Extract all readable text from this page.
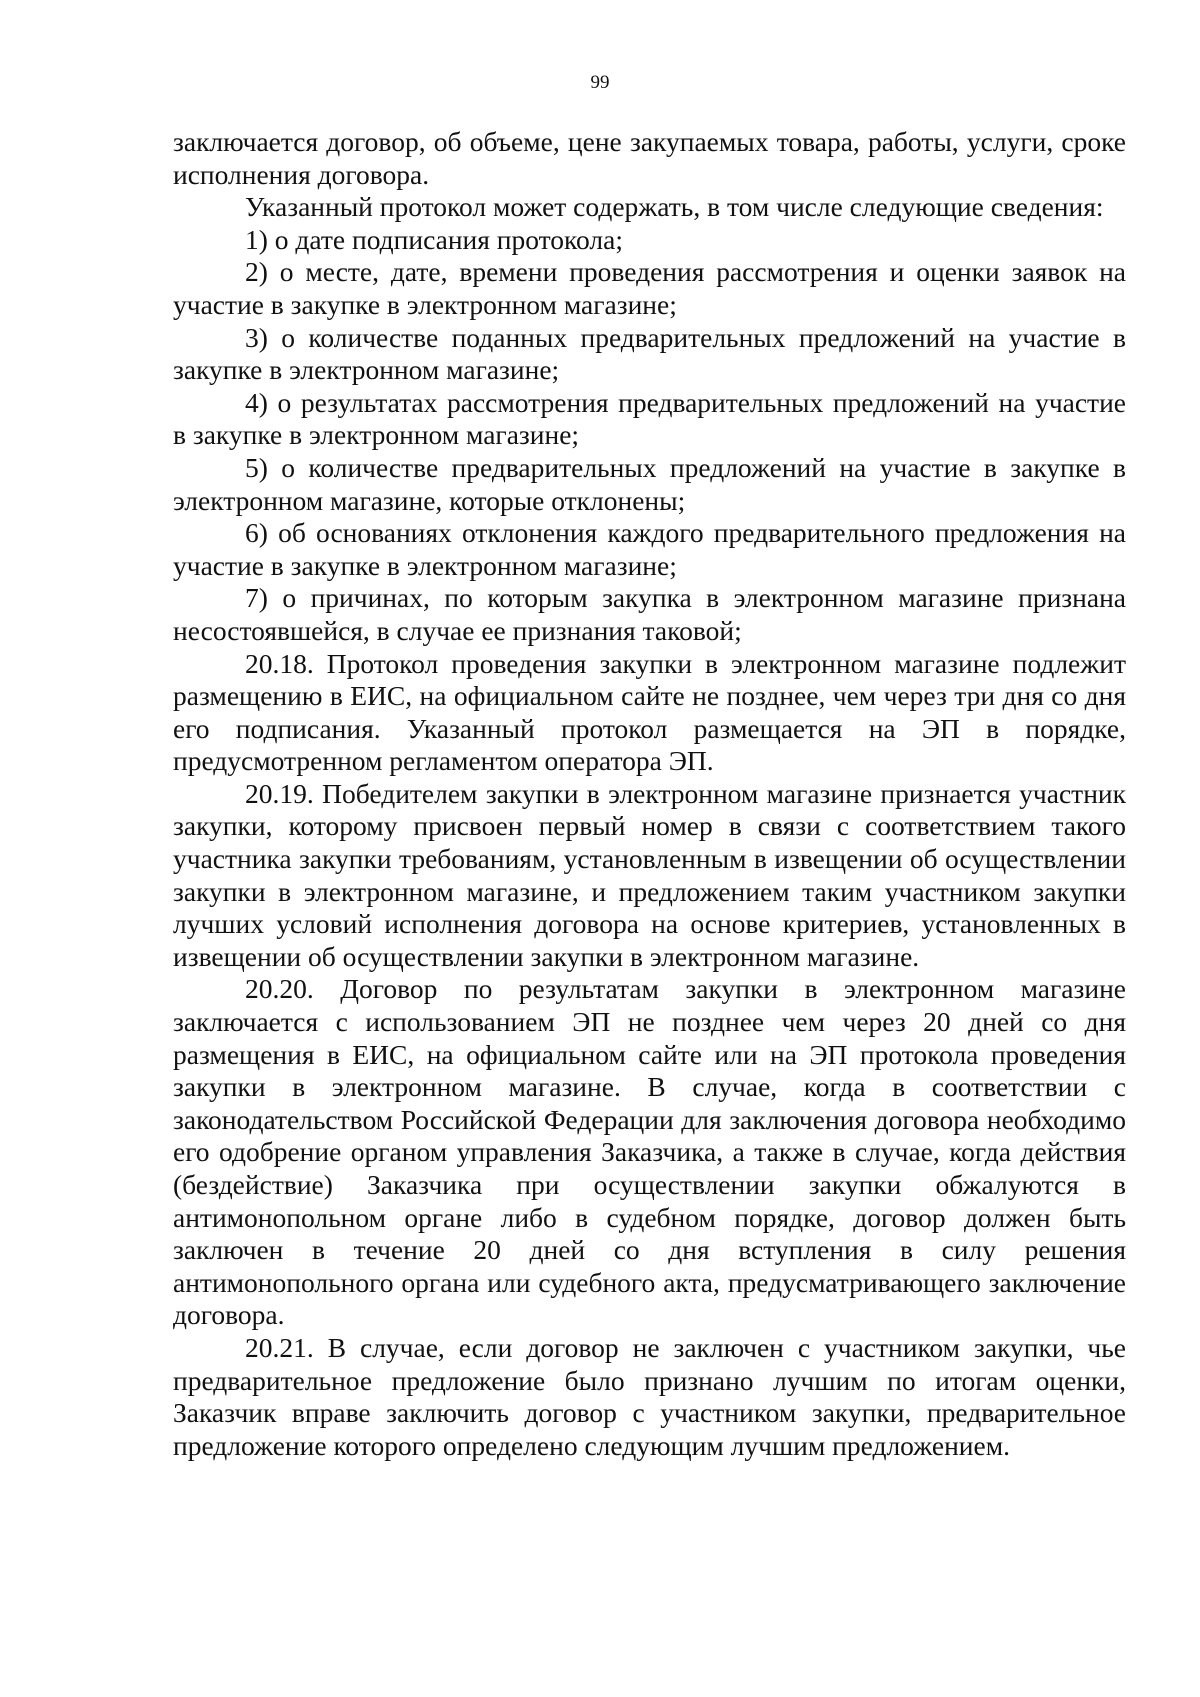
99

заключается договор, об объеме, цене закупаемых товара, работы, услуги, сроке исполнения договора.

Указанный протокол может содержать, в том числе следующие сведения:

1) о дате подписания протокола;

2) о месте, дате, времени проведения рассмотрения и оценки заявок на участие в закупке в электронном магазине;

3) о количестве поданных предварительных предложений на участие в закупке в электронном магазине;

4) о результатах рассмотрения предварительных предложений на участие в закупке в электронном магазине;

5) о количестве предварительных предложений на участие в закупке в электронном магазине, которые отклонены;

6) об основаниях отклонения каждого предварительного предложения на участие в закупке в электронном магазине;

7) о причинах, по которым закупка в электронном магазине признана несостоявшейся, в случае ее признания таковой;

20.18. Протокол проведения закупки в электронном магазине подлежит размещению в ЕИС, на официальном сайте не позднее, чем через три дня со дня его подписания. Указанный протокол размещается на ЭП в порядке, предусмотренном регламентом оператора ЭП.

20.19. Победителем закупки в электронном магазине признается участник закупки, которому присвоен первый номер в связи с соответствием такого участника закупки требованиям, установленным в извещении об осуществлении закупки в электронном магазине, и предложением таким участником закупки лучших условий исполнения договора на основе критериев, установленных в извещении об осуществлении закупки в электронном магазине.

20.20. Договор по результатам закупки в электронном магазине заключается с использованием ЭП не позднее чем через 20 дней со дня размещения в ЕИС, на официальном сайте или на ЭП протокола проведения закупки в электронном магазине. В случае, когда в соответствии с законодательством Российской Федерации для заключения договора необходимо его одобрение органом управления Заказчика, а также в случае, когда действия (бездействие) Заказчика при осуществлении закупки обжалуются в антимонопольном органе либо в судебном порядке, договор должен быть заключен в течение 20 дней со дня вступления в силу решения антимонопольного органа или судебного акта, предусматривающего заключение договора.

20.21. В случае, если договор не заключен с участником закупки, чье предварительное предложение было признано лучшим по итогам оценки, Заказчик вправе заключить договор с участником закупки, предварительное предложение которого определено следующим лучшим предложением.
